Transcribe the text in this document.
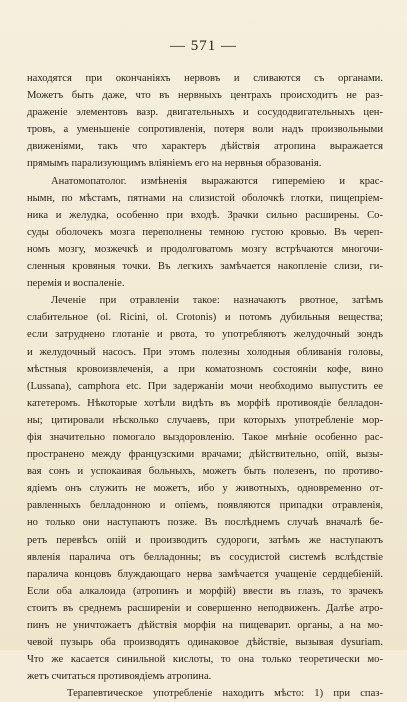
— 571 —
находятся при окончанiяхъ нервовъ и сливаются съ органами.
Можетъ быть даже, что въ нервныхъ центрахъ происходитъ не раз-
драженiе элементовъ вазр. двигательныхъ и сосудодвигательныхъ цен-
тровъ, а уменьшенiе сопротивленiя, потеря воли надъ произвольными
движенiями, такъ что характеръ дѣйствiя атропина выражается
прямымъ парализующимъ влiянiемъ его на нервныя образованiя.
Анатомопатолог. измѣненiя выражаются гиперемiею и крас-
нымн, по мѣстамъ, пятнами на слизистой оболочкѣ глотки, пищепрiем-
ника и желудка, особенно при входѣ. Зрачки сильно расширены. Со-
суды оболочекъ мозга переполнены темною густою кровью. Въ череп-
номъ мозгу, мозжечкѣ и продолговатомъ мозгу встрѣчаются многочи-
сленныя кровяныя точки. Въ легкихъ замѣчается накопленiе слизи, ги-
перемiя и воспаленiе.
Леченiе при отравленiи такое: назначаютъ рвотное, затѣмъ
слабительное (ol. Ricini, ol. Crotonis) и потомъ дубильныя вещества;
если затруднено глотанiе и рвота, то употребляютъ желудочный зондъ
и желудочный насосъ. При этомъ полезны холодныя обливанiя головы,
мѣстныя кровоизвлеченiя, а при коматозномъ состоянiи кофе, вино
(Lussana), camphora etc. При задержанiи мочи необходимо выпустить ее
катетеромъ. Нѣкоторые хотѣли видѣть въ морфiѣ противоядiе белладон-
ны; цитировали нѣсколько случаевъ, при которыхъ употребленiе мор-
фiя значительно помогало выздоровленiю. Такое мнѣнiе особенно рас-
пространено между французскими врачами; дѣйствительно, опiй, вызы-
вая сонъ и успокаивая больныхъ, можетъ быть полезенъ, по противо-
ядiемъ онъ служить не можетъ, ибо у животныхъ, одновременно от-
равленныхъ белладонною и опiемъ, появляются припадки отравленiя,
но только они наступаютъ позже. Въ послѣднемъ случаѣ вначалѣ бе-
ретъ перевѣсъ опiй и производитъ судороги, затѣмъ же наступаютъ
явленiя паралича отъ белладонны; въ сосудистой системѣ вслѣдствiе
паралича концовъ блуждающаго нерва замѣчается учащенiе сердцебiенiй.
Если оба алкалоида (атропинъ и морфiй) ввести въ глазъ, то зрачекъ
стоитъ въ среднемъ расширенiи и совершенно неподвиженъ. Далѣе атро-
пинъ не уничтожаетъ дѣйствiя морфiя на пищеварит. органы, а на мо-
чевой пузырь оба производятъ одинаковое дѣйствiе, вызывая dysuriam.
Что же касается синильной кислоты, то она только теоретически мо-
жетъ считаться противоядiемъ атропина.
Терапевтическое употребленiе находитъ мѣсто: 1) при спаз-
